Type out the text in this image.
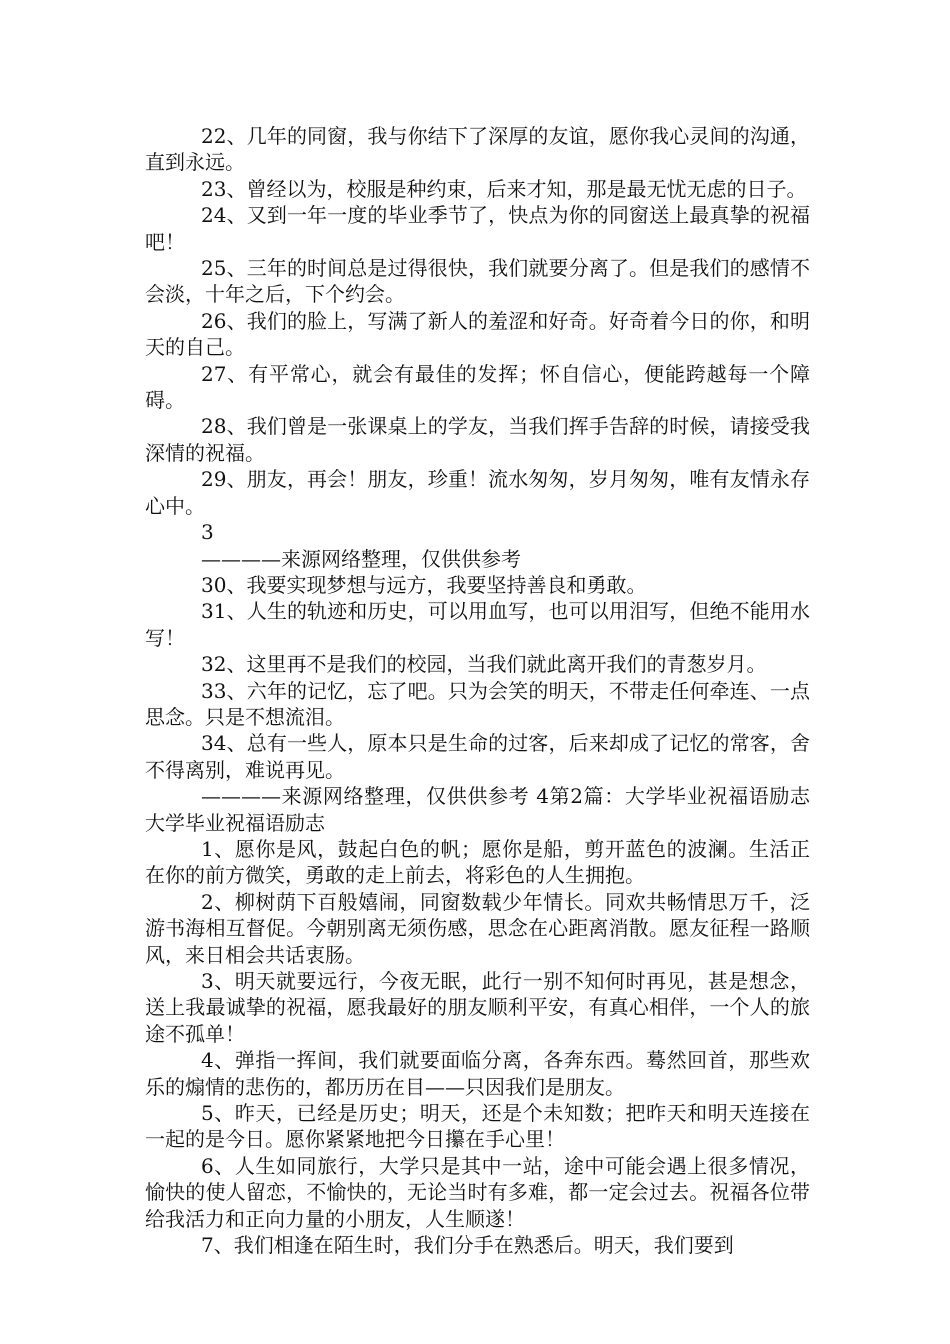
22、几年的同窗，我与你结下了深厚的友谊，愿你我心灵间的沟通，直到永远。

23、曾经以为，校服是种约束，后来才知，那是最无忧无虑的日子。

24、又到一年一度的毕业季节了，快点为你的同窗送上最真挚的祝福吧！

25、三年的时间总是过得很快，我们就要分离了。但是我们的感情不会淡，十年之后，下个约会。

26、我们的脸上，写满了新人的羞涩和好奇。好奇着今日的你，和明天的自己。

27、有平常心，就会有最佳的发挥；怀自信心，便能跨越每一个障碍。

28、我们曾是一张课桌上的学友，当我们挥手告辞的时候，请接受我深情的祝福。

29、朋友，再会！朋友，珍重！流水匆匆，岁月匆匆，唯有友情永存心中。

3

————来源网络整理，仅供供参考

30、我要实现梦想与远方，我要坚持善良和勇敢。

31、人生的轨迹和历史，可以用血写，也可以用泪写，但绝不能用水写！

32、这里再不是我们的校园，当我们就此离开我们的青葱岁月。

33、六年的记忆，忘了吧。只为会笑的明天，不带走任何牵连、一点思念。只是不想流泪。

34、总有一些人，原本只是生命的过客，后来却成了记忆的常客，舍不得离别，难说再见。

————来源网络整理，仅供供参考 4第2篇：大学毕业祝福语励志大学毕业祝福语励志

1、愿你是风，鼓起白色的帆；愿你是船，剪开蓝色的波澜。生活正在你的前方微笑，勇敢的走上前去，将彩色的人生拥抱。

2、柳树荫下百般嬉闹，同窗数载少年情长。同欢共畅情思万千，泛游书海相互督促。今朝别离无须伤感，思念在心距离消散。愿友征程一路顺风，来日相会共话衷肠。

3、明天就要远行，今夜无眠，此行一别不知何时再见，甚是想念，送上我最诚挚的祝福，愿我最好的朋友顺利平安，有真心相伴，一个人的旅途不孤单！

4、弹指一挥间，我们就要面临分离，各奔东西。蓦然回首，那些欢乐的煽情的悲伤的，都历历在目——只因我们是朋友。

5、昨天，已经是历史；明天，还是个未知数；把昨天和明天连接在一起的是今日。愿你紧紧地把今日攥在手心里！

6、人生如同旅行，大学只是其中一站，途中可能会遇上很多情况，愉快的使人留恋，不愉快的，无论当时有多难，都一定会过去。祝福各位带给我活力和正向力量的小朋友，人生顺遂！

7、我们相逢在陌生时，我们分手在熟悉后。明天，我们要到
